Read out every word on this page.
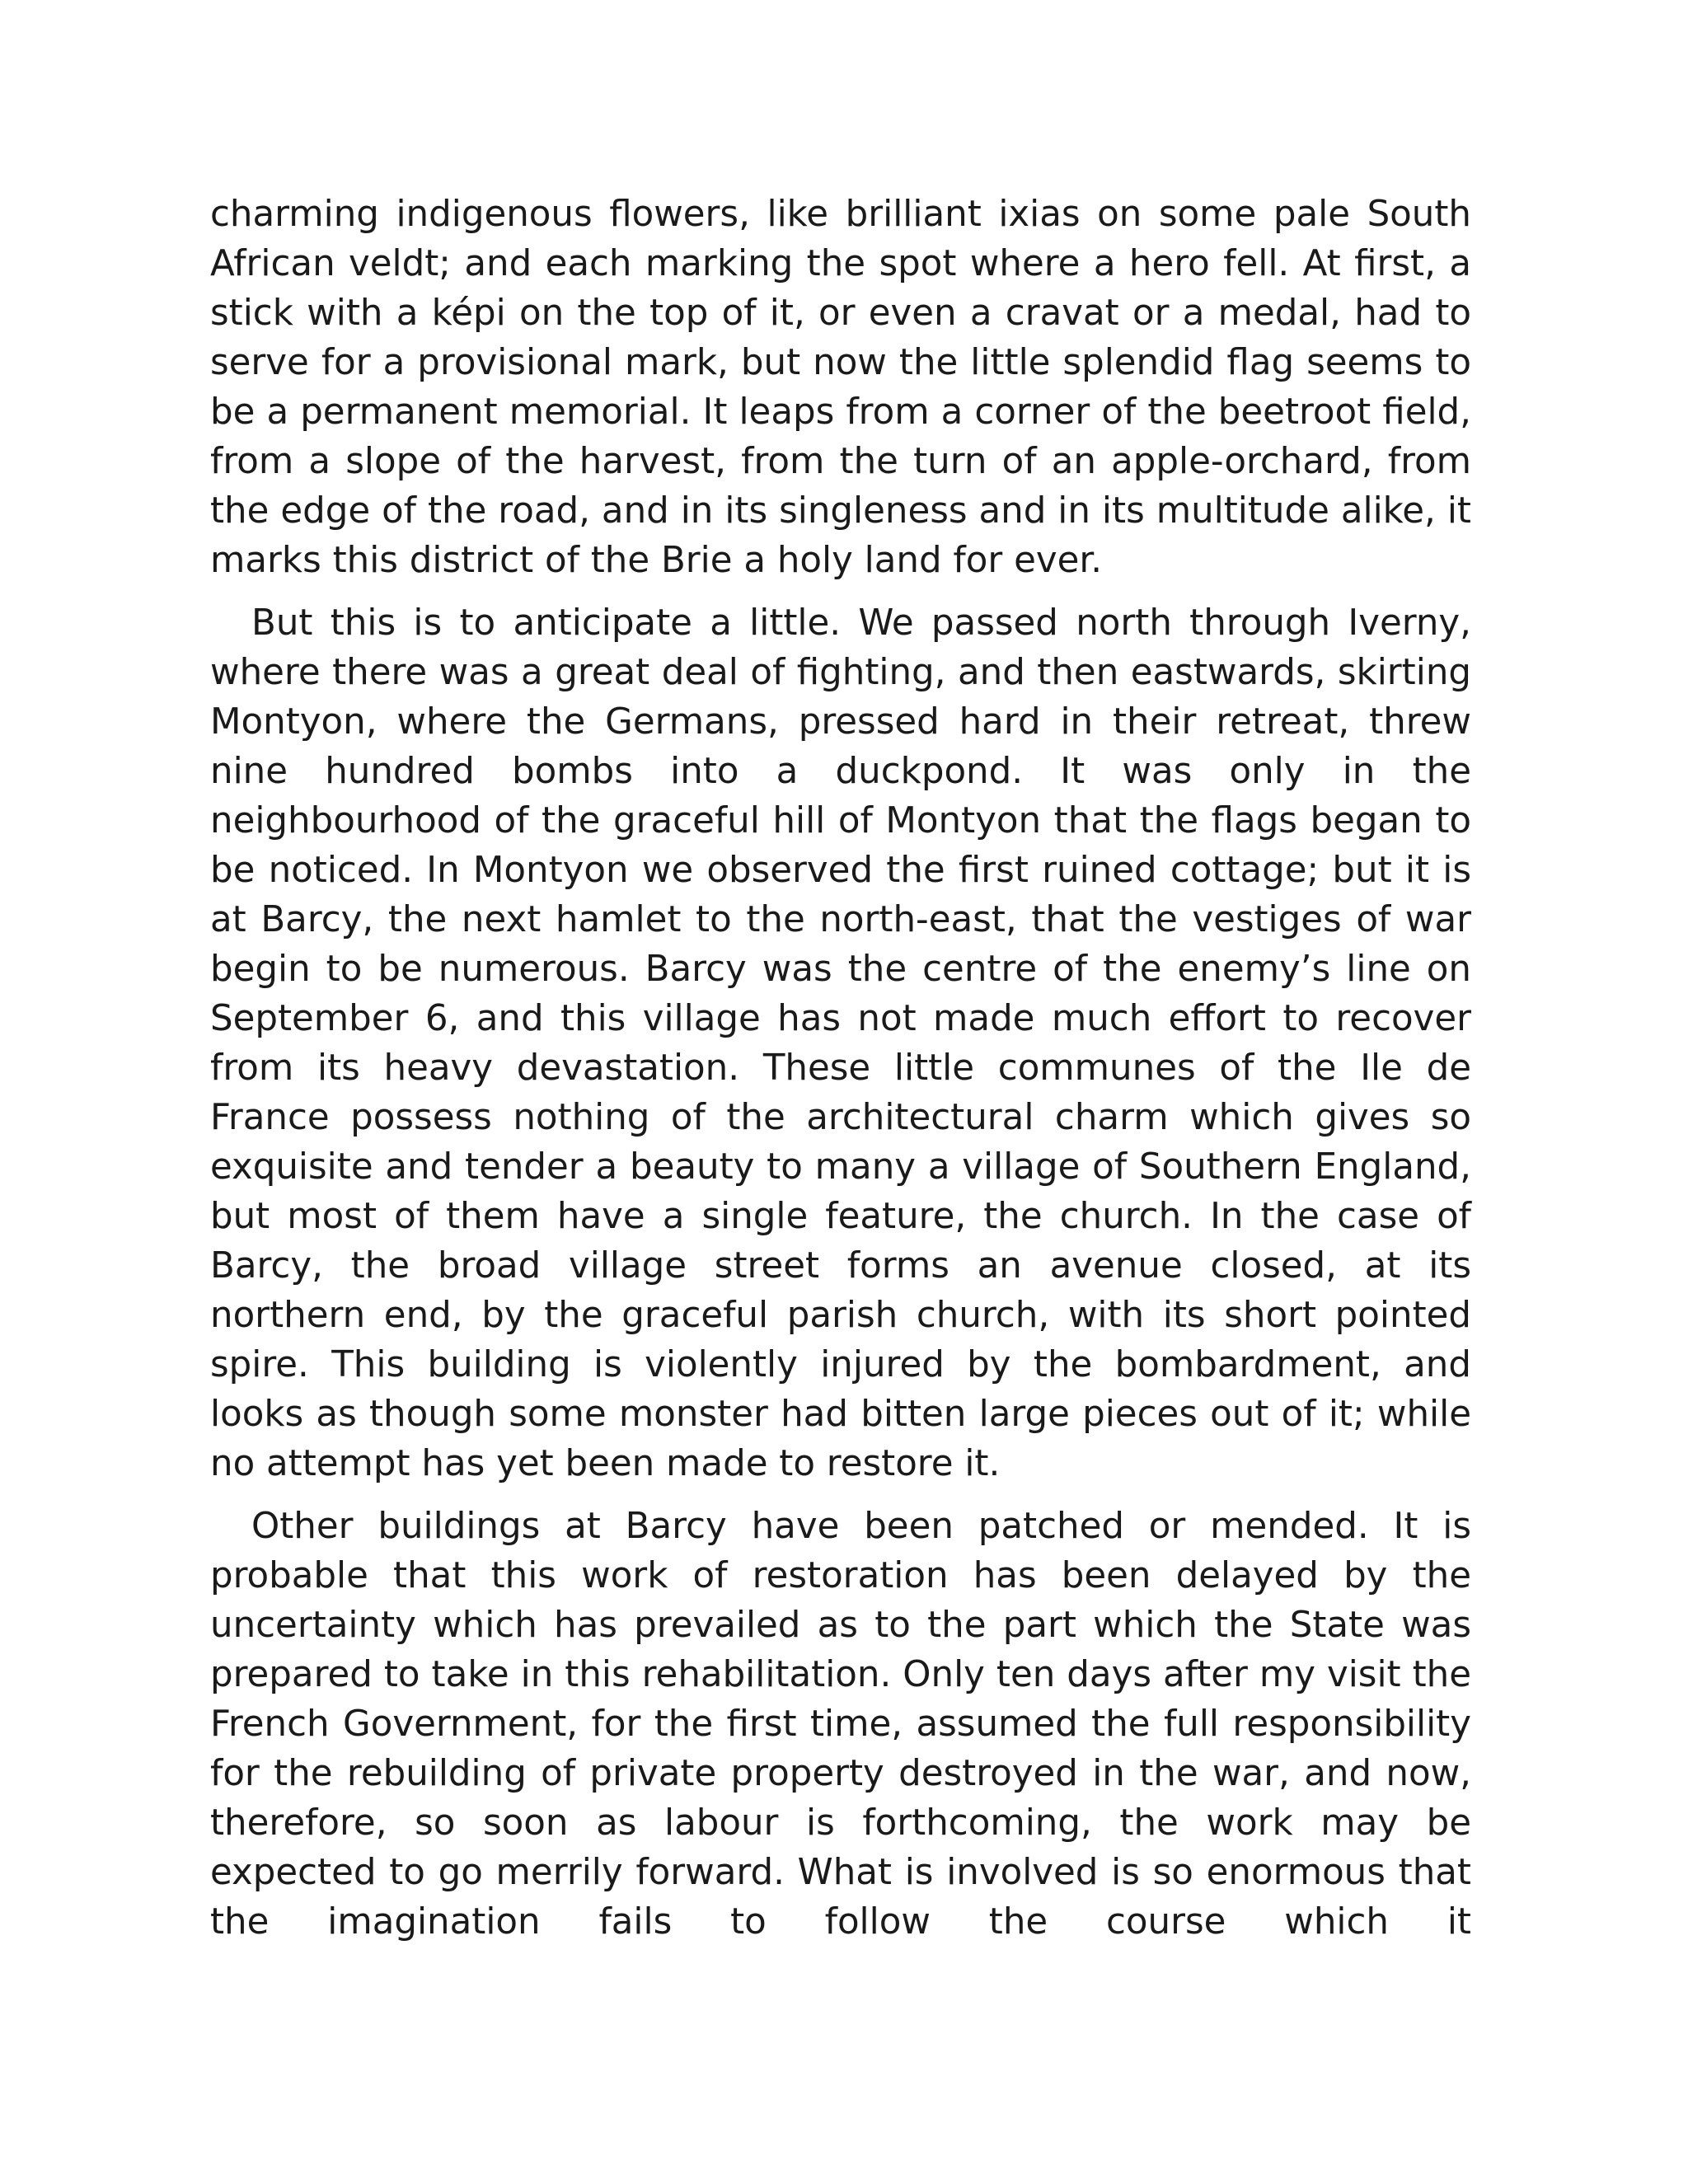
charming indigenous flowers, like brilliant ixias on some pale South African veldt; and each marking the spot where a hero fell. At first, a stick with a képi on the top of it, or even a cravat or a medal, had to serve for a provisional mark, but now the little splendid flag seems to be a permanent memorial. It leaps from a corner of the beetroot field, from a slope of the harvest, from the turn of an apple-orchard, from the edge of the road, and in its singleness and in its multitude alike, it marks this district of the Brie a holy land for ever.

But this is to anticipate a little. We passed north through Iverny, where there was a great deal of fighting, and then eastwards, skirting Montyon, where the Germans, pressed hard in their retreat, threw nine hundred bombs into a duckpond. It was only in the neighbourhood of the graceful hill of Montyon that the flags began to be noticed. In Montyon we observed the first ruined cottage; but it is at Barcy, the next hamlet to the north-east, that the vestiges of war begin to be numerous. Barcy was the centre of the enemy’s line on September 6, and this village has not made much effort to recover from its heavy devastation. These little communes of the Ile de France possess nothing of the architectural charm which gives so exquisite and tender a beauty to many a village of Southern England, but most of them have a single feature, the church. In the case of Barcy, the broad village street forms an avenue closed, at its northern end, by the graceful parish church, with its short pointed spire. This building is violently injured by the bombardment, and looks as though some monster had bitten large pieces out of it; while no attempt has yet been made to restore it.

Other buildings at Barcy have been patched or mended. It is probable that this work of restoration has been delayed by the uncertainty which has prevailed as to the part which the State was prepared to take in this rehabilitation. Only ten days after my visit the French Government, for the first time, assumed the full responsibility for the rebuilding of private property destroyed in the war, and now, therefore, so soon as labour is forthcoming, the work may be expected to go merrily forward. What is involved is so enormous that the imagination fails to follow the course which it
